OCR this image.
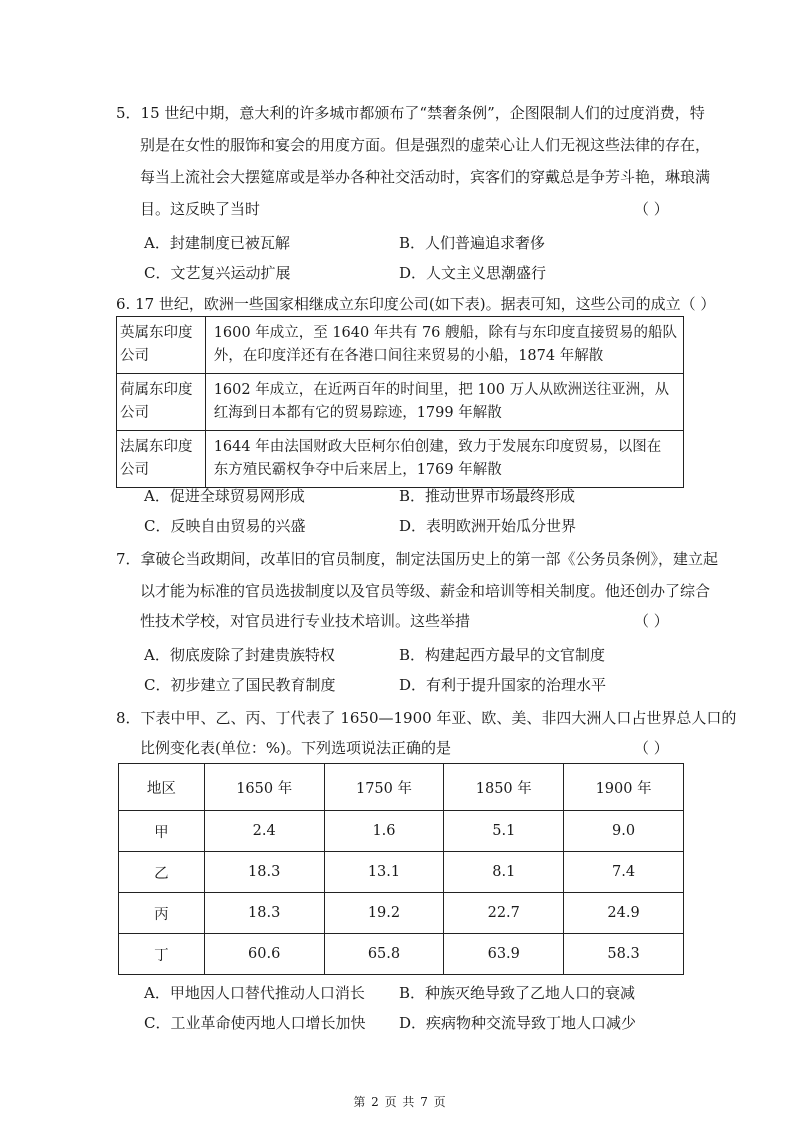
5．15 世纪中期，意大利的许多城市都颁布了“禁奢条例”，企图限制人们的过度消费，特
别是在女性的服饰和宴会的用度方面。但是强烈的虚荣心让人们无视这些法律的存在，
每当上流社会大摆筵席或是举办各种社交活动时，宾客们的穿戴总是争芳斗艳，琳琅满
目。这反映了当时	（ ）
A．封建制度已被瓦解	B．人们普遍追求奢侈
C．文艺复兴运动扩展	D．人文主义思潮盛行
6. 17 世纪，欧洲一些国家相继成立东印度公司(如下表)。据表可知，这些公司的成立（ ）
英属东印度公司	1600 年成立，至 1640 年共有 76 艘船，除有与东印度直接贸易的船队
外，在印度洋还有在各港口间往来贸易的小船，1874 年解散

荷属东印度公司	1602 年成立，在近两百年的时间里，把 100 万人从欧洲送往亚洲，从
红海到日本都有它的贸易踪迹，1799 年解散

法属东印度公司	1644 年由法国财政大臣柯尔伯创建，致力于发展东印度贸易，以图在
东方殖民霸权争夺中后来居上，1769 年解散
A．促进全球贸易网形成	B．推动世界市场最终形成
C．反映自由贸易的兴盛	D．表明欧洲开始瓜分世界
7．拿破仑当政期间，改革旧的官员制度，制定法国历史上的第一部《公务员条例》，建立起
以才能为标准的官员选拔制度以及官员等级、薪金和培训等相关制度。他还创办了综合
性技术学校，对官员进行专业技术培训。这些举措	（ ）
A．彻底废除了封建贵族特权	B．构建起西方最早的文官制度
C．初步建立了国民教育制度	D．有利于提升国家的治理水平
8．下表中甲、乙、丙、丁代表了 1650—1900 年亚、欧、美、非四大洲人口占世界总人口的
比例变化表(单位：%)。下列选项说法正确的是	（ ）
地区	1650 年	1750 年	1850 年	1900 年
甲	2.4	1.6	5.1	9.0
乙	18.3	13.1	8.1	7.4
丙	18.3	19.2	22.7	24.9
丁	60.6	65.8	63.9	58.3
A．甲地因人口替代推动人口消长 B．种族灭绝导致了乙地人口的衰减
C．工业革命使丙地人口增长加快 D．疾病物种交流导致丁地人口减少
第 2 页 共 7 页
